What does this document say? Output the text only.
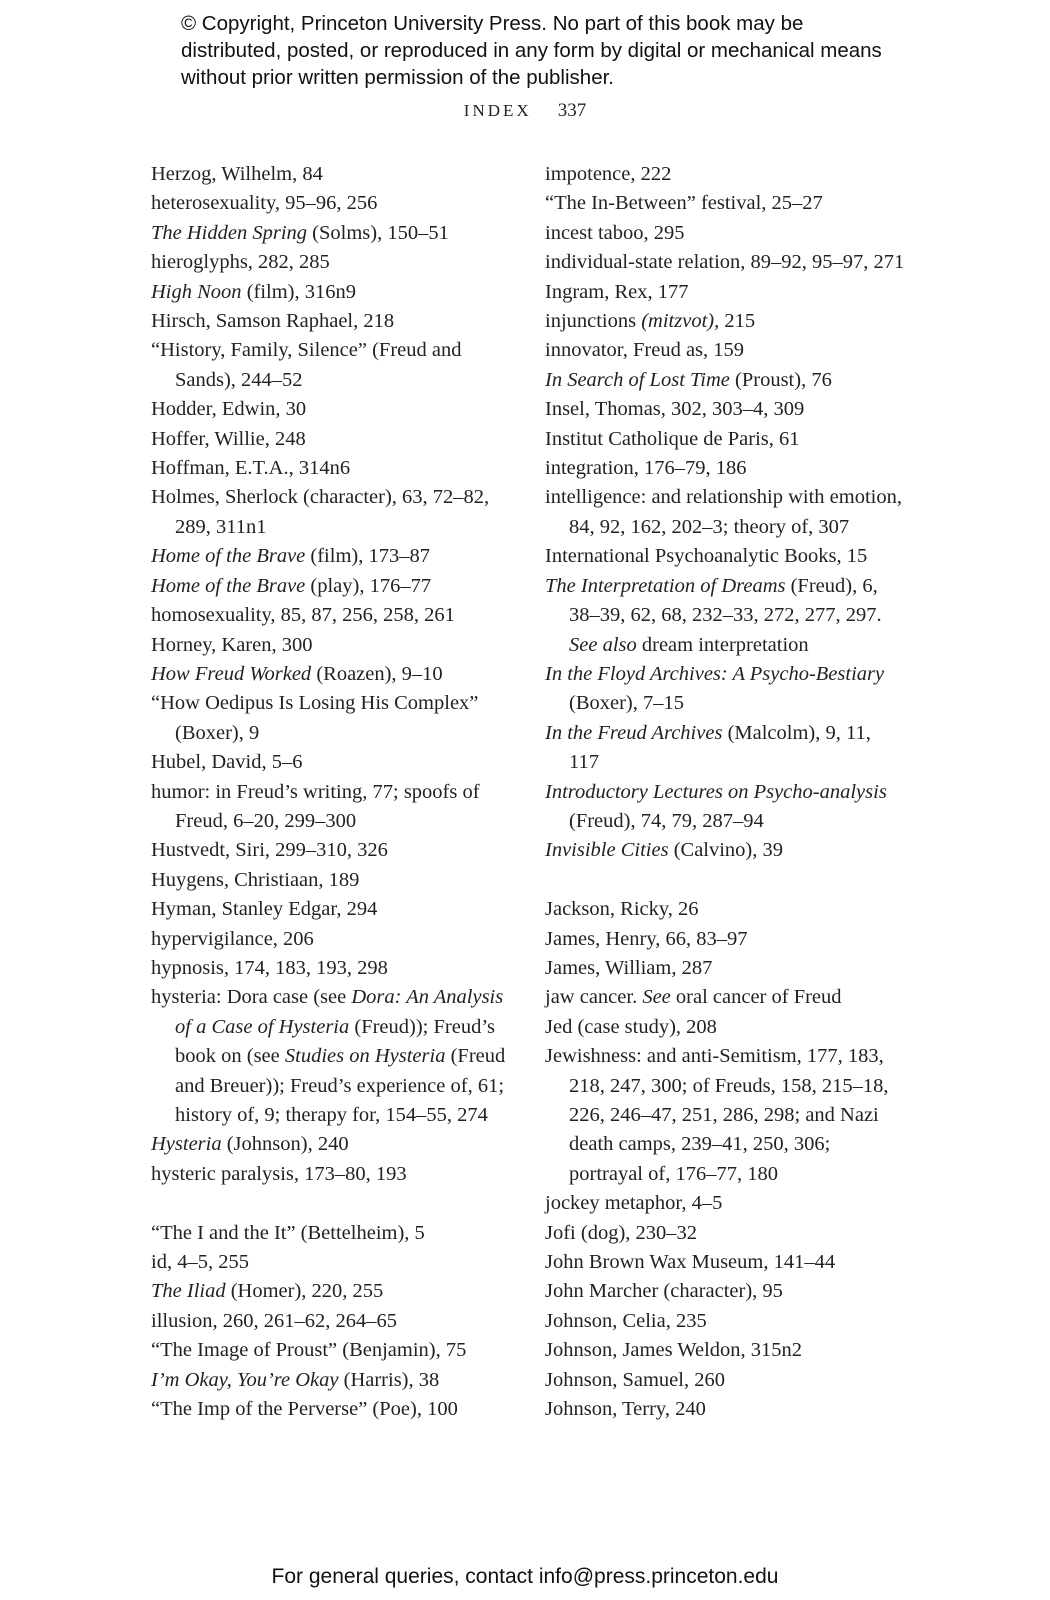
© Copyright, Princeton University Press. No part of this book may be distributed, posted, or reproduced in any form by digital or mechanical means without prior written permission of the publisher.
INDEX 337
Herzog, Wilhelm, 84
heterosexuality, 95–96, 256
The Hidden Spring (Solms), 150–51
hieroglyphs, 282, 285
High Noon (film), 316n9
Hirsch, Samson Raphael, 218
“History, Family, Silence” (Freud and Sands), 244–52
Hodder, Edwin, 30
Hoffer, Willie, 248
Hoffman, E.T.A., 314n6
Holmes, Sherlock (character), 63, 72–82, 289, 311n1
Home of the Brave (film), 173–87
Home of the Brave (play), 176–77
homosexuality, 85, 87, 256, 258, 261
Horney, Karen, 300
How Freud Worked (Roazen), 9–10
“How Oedipus Is Losing His Complex” (Boxer), 9
Hubel, David, 5–6
humor: in Freud’s writing, 77; spoofs of Freud, 6–20, 299–300
Hustvedt, Siri, 299–310, 326
Huygens, Christiaan, 189
Hyman, Stanley Edgar, 294
hypervigilance, 206
hypnosis, 174, 183, 193, 298
hysteria: Dora case (see Dora: An Analysis of a Case of Hysteria (Freud)); Freud’s book on (see Studies on Hysteria (Freud and Breuer)); Freud’s experience of, 61; history of, 9; therapy for, 154–55, 274
Hysteria (Johnson), 240
hysteric paralysis, 173–80, 193
“The I and the It” (Bettelheim), 5
id, 4–5, 255
The Iliad (Homer), 220, 255
illusion, 260, 261–62, 264–65
“The Image of Proust” (Benjamin), 75
I’m Okay, You’re Okay (Harris), 38
“The Imp of the Perverse” (Poe), 100
impotence, 222
“The In-Between” festival, 25–27
incest taboo, 295
individual-state relation, 89–92, 95–97, 271
Ingram, Rex, 177
injunctions (mitzvot), 215
innovator, Freud as, 159
In Search of Lost Time (Proust), 76
Insel, Thomas, 302, 303–4, 309
Institut Catholique de Paris, 61
integration, 176–79, 186
intelligence: and relationship with emotion, 84, 92, 162, 202–3; theory of, 307
International Psychoanalytic Books, 15
The Interpretation of Dreams (Freud), 6, 38–39, 62, 68, 232–33, 272, 277, 297. See also dream interpretation
In the Floyd Archives: A Psycho-Bestiary (Boxer), 7–15
In the Freud Archives (Malcolm), 9, 11, 117
Introductory Lectures on Psycho-analysis (Freud), 74, 79, 287–94
Invisible Cities (Calvino), 39
Jackson, Ricky, 26
James, Henry, 66, 83–97
James, William, 287
jaw cancer. See oral cancer of Freud
Jed (case study), 208
Jewishness: and anti-Semitism, 177, 183, 218, 247, 300; of Freuds, 158, 215–18, 226, 246–47, 251, 286, 298; and Nazi death camps, 239–41, 250, 306; portrayal of, 176–77, 180
jockey metaphor, 4–5
Jofi (dog), 230–32
John Brown Wax Museum, 141–44
John Marcher (character), 95
Johnson, Celia, 235
Johnson, James Weldon, 315n2
Johnson, Samuel, 260
Johnson, Terry, 240
For general queries, contact info@press.princeton.edu
